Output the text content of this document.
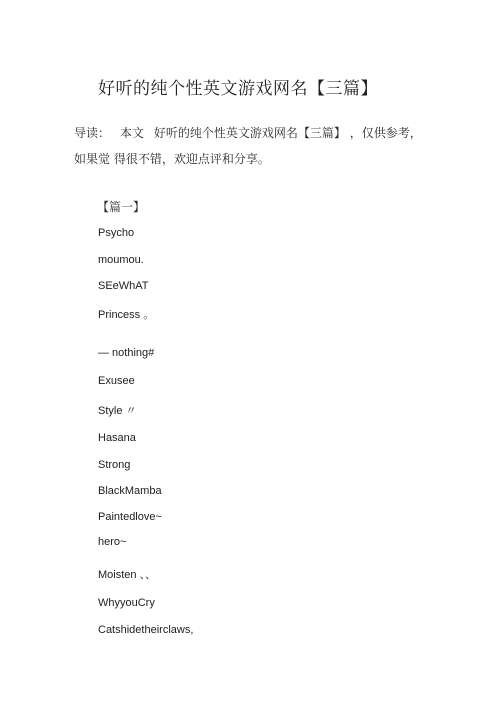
好听的纯个性英文游戏网名【三篇】
导读： 本文 好听的纯个性英文游戏网名【三篇】 ，仅供参考，如果觉 得很不错，欢迎点评和分享。
【篇一】
Psycho
moumou.
SEeWhAT
Princess 。
— nothing#
Exusee
Style 〃
Hasana
Strong
BlackMamba
Paintedlove~
hero~
Moisten 、、
WhyyouCry
Catshidetheirclaws,
